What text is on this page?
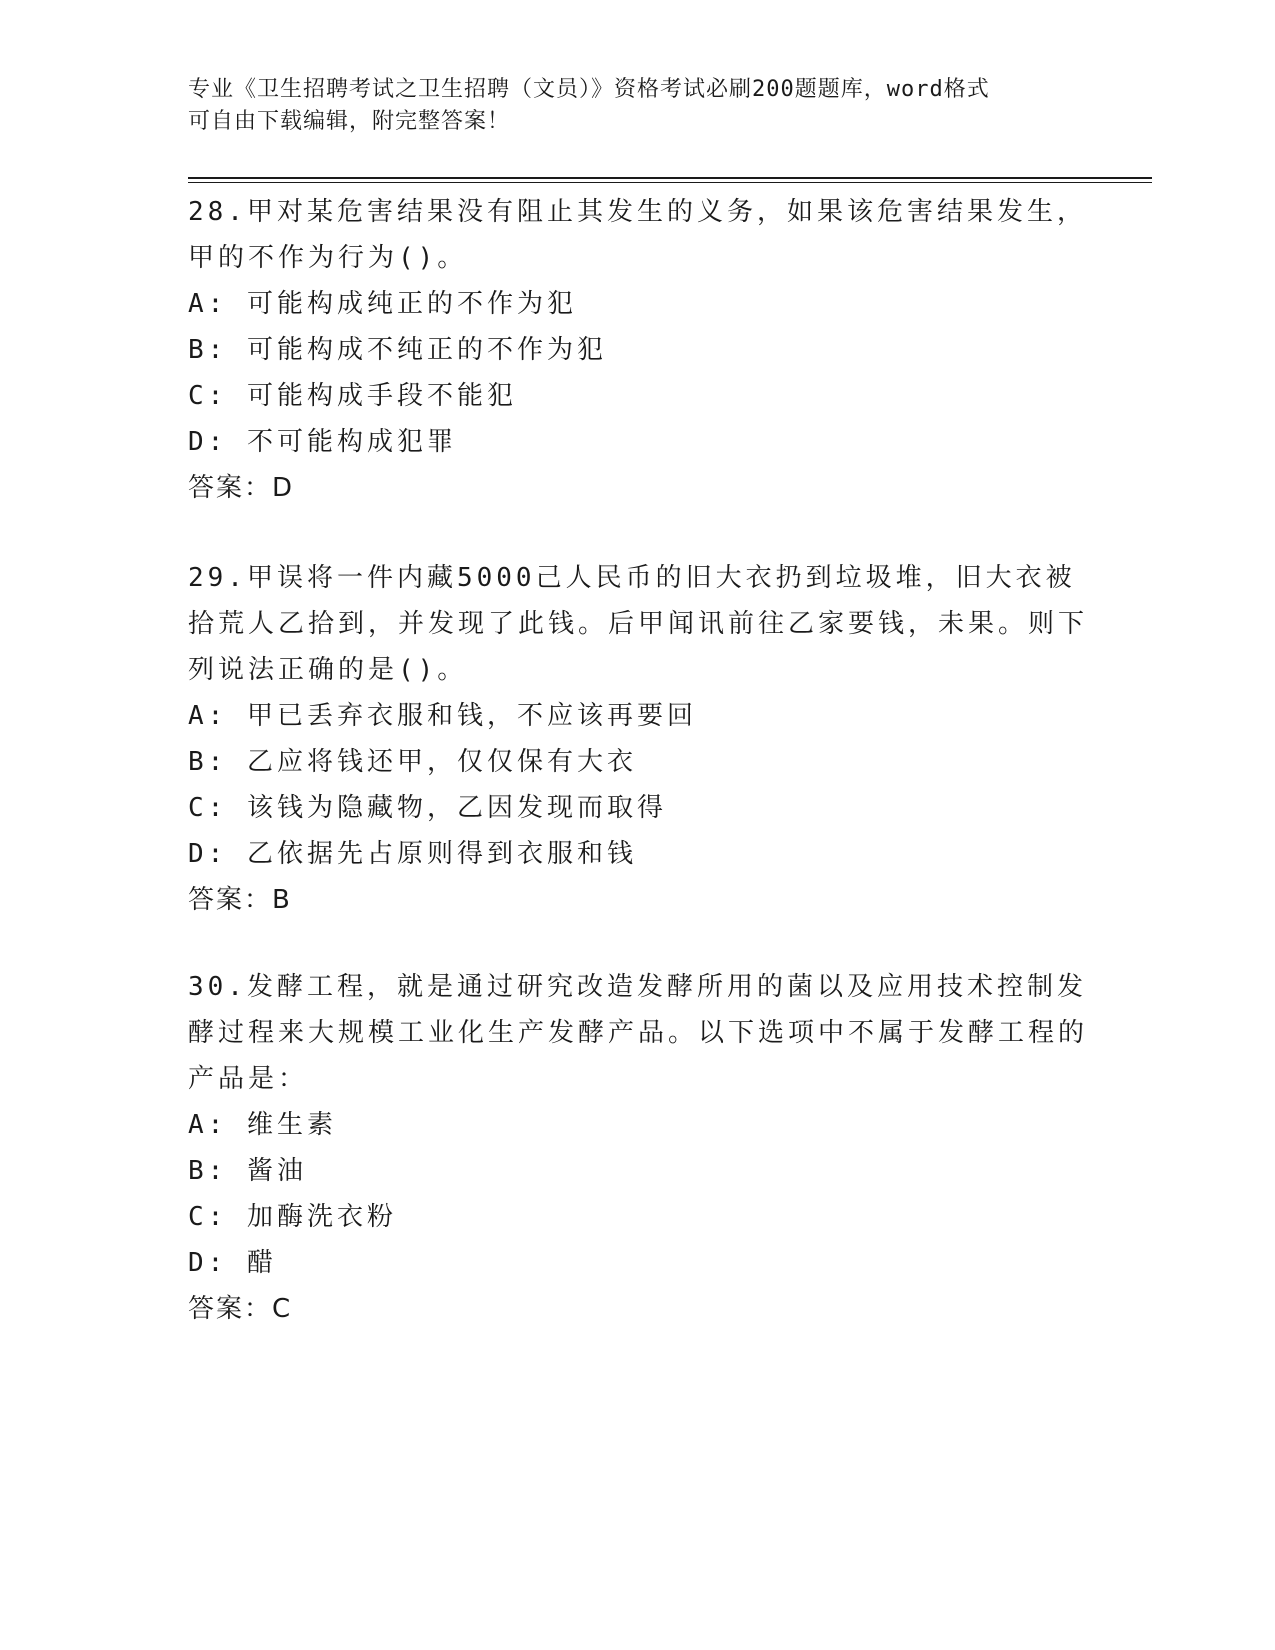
专业《卫生招聘考试之卫生招聘（文员）》资格考试必刷200题题库，word格式
可自由下载编辑，附完整答案！

28.甲对某危害结果没有阻止其发生的义务，如果该危害结果发生，甲的不作为行为()。

A: 可能构成纯正的不作为犯

B: 可能构成不纯正的不作为犯

C: 可能构成手段不能犯

D: 不可能构成犯罪

答案：D

29.甲误将一件内藏5000己人民币的旧大衣扔到垃圾堆，旧大衣被拾荒人乙拾到，并发现了此钱。后甲闻讯前往乙家要钱，未果。则下列说法正确的是()。

A: 甲已丢弃衣服和钱，不应该再要回

B: 乙应将钱还甲，仅仅保有大衣

C: 该钱为隐藏物，乙因发现而取得

D: 乙依据先占原则得到衣服和钱

答案：B

30.发酵工程，就是通过研究改造发酵所用的菌以及应用技术控制发酵过程来大规模工业化生产发酵产品。以下选项中不属于发酵工程的产品是：

A: 维生素

B: 酱油

C: 加酶洗衣粉

D: 醋

答案：C
